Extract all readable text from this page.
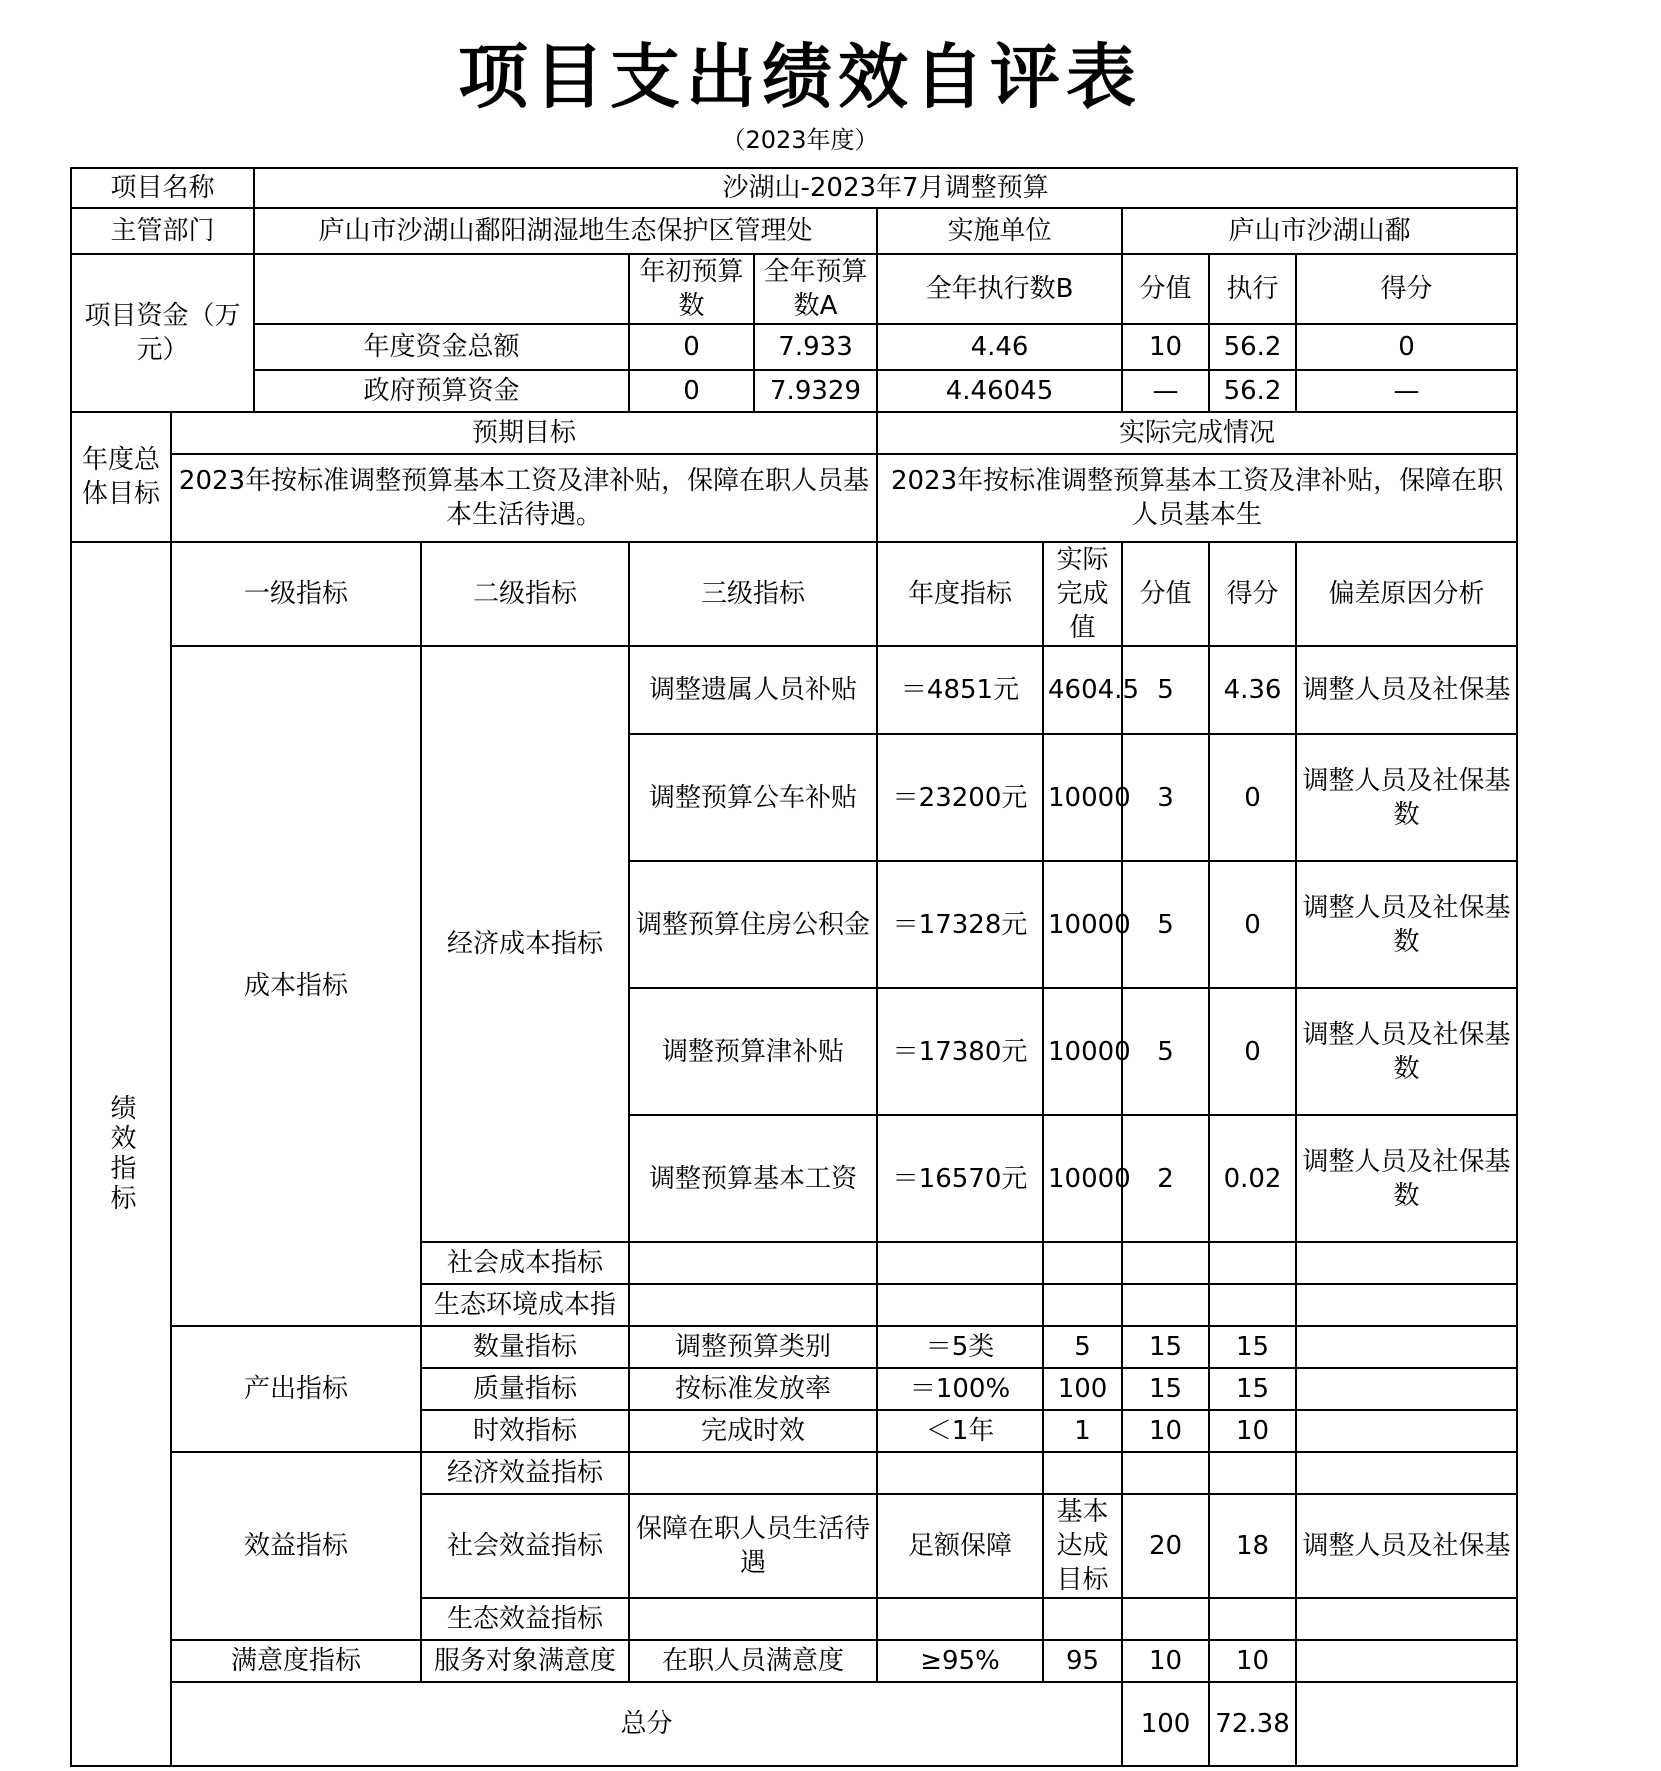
项目支出绩效自评表
（2023年度）
项目名称		沙湖山-2023年7月调整预算								
主管部门		庐山市沙湖山鄱阳湖湿地生态保护区管理处				实施单位		庐山市沙湖山鄱		
项目资金（万元）				年初预算数	全年预算数A	全年执行数B		分值	执行	得分
		年度资金总额		0	7.933	4.46		10	56.2	0
		政府预算资金		0	7.9329	4.46045		—	56.2	—
年度总体目标	预期目标					实际完成情况				
	2023年按标准调整预算基本工资及津补贴，保障在职人员基本生活待遇。					2023年按标准调整预算基本工资及津补贴，保障在职人员基本生				
绩效指标	一级指标		二级指标	三级指标		年度指标	实际完成值	分值	得分	偏差原因分析
	成本指标		经济成本指标	调整遗属人员补贴		＝4851元	4604.5	5	4.36	调整人员及社保基
				调整预算公车补贴		＝23200元	10000	3	0	调整人员及社保基数
				调整预算住房公积金		＝17328元	10000	5	0	调整人员及社保基数
				调整预算津补贴		＝17380元	10000	5	0	调整人员及社保基数
				调整预算基本工资		＝16570元	10000	2	0.02	调整人员及社保基数
			社会成本指标							
			生态环境成本指							
	产出指标		数量指标	调整预算类别		＝5类	5	15	15	
			质量指标	按标准发放率		＝100%	100	15	15	
			时效指标	完成时效		＜1年	1	10	10	
	效益指标		经济效益指标							
			社会效益指标	保障在职人员生活待遇		足额保障	基本达成目标	20	18	调整人员及社保基
			生态效益指标							
	满意度指标		服务对象满意度	在职人员满意度		≥95%	95	10	10	
	总分							100	72.38	
